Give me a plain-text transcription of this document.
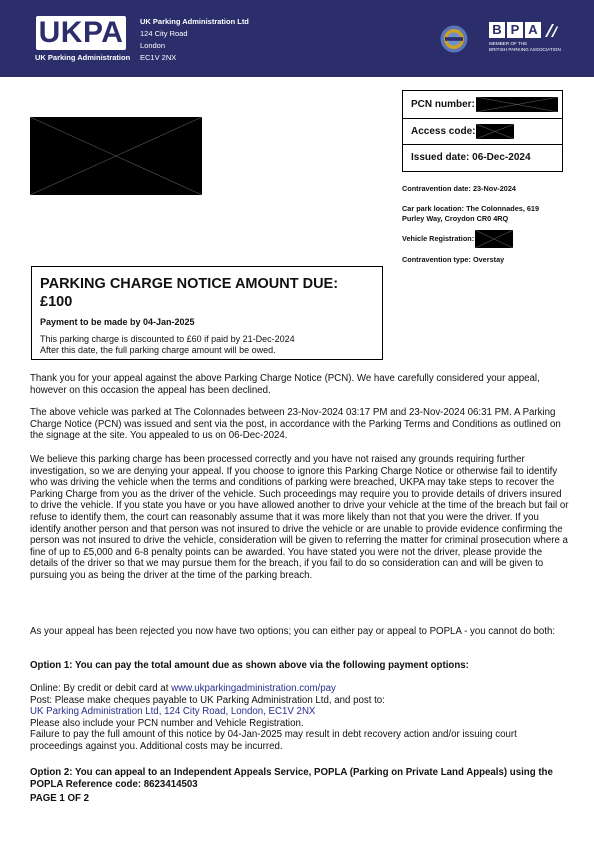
UKPA
UK Parking Administration
UK Parking Administration Ltd
124 City Road
London
EC1V 2NX
B P A
MEMBER OF THE
BRITISH PARKING ASSOCIATION
PCN number:
Access code:
Issued date: 06-Dec-2024
Contravention date: 23-Nov-2024
Car park location: The Colonnades, 619
Purley Way, Croydon CR0 4RQ
Vehicle Registration:
Contravention type: Overstay
PARKING CHARGE NOTICE AMOUNT DUE:
£100
Payment to be made by 04-Jan-2025
This parking charge is discounted to £60 if paid by 21-Dec-2024
After this date, the full parking charge amount will be owed.
Thank you for your appeal against the above Parking Charge Notice (PCN). We have carefully considered your appeal, however on this occasion the appeal has been declined.
The above vehicle was parked at The Colonnades between 23-Nov-2024 03:17 PM and 23-Nov-2024 06:31 PM. A Parking Charge Notice (PCN) was issued and sent via the post, in accordance with the Parking Terms and Conditions as outlined on the signage at the site. You appealed to us on 06-Dec-2024.
We believe this parking charge has been processed correctly and you have not raised any grounds requiring further investigation, so we are denying your appeal. If you choose to ignore this Parking Charge Notice or otherwise fail to identify who was driving the vehicle when the terms and conditions of parking were breached, UKPA may take steps to recover the Parking Charge from you as the driver of the vehicle. Such proceedings may require you to provide details of drivers insured to drive the vehicle. If you state you have or you have allowed another to drive your vehicle at the time of the breach but fail or refuse to identify them, the court can reasonably assume that it was more likely than not that you were the driver. If you identify another person and that person was not insured to drive the vehicle or are unable to provide evidence confirming the person was not insured to drive the vehicle, consideration will be given to referring the matter for criminal prosecution where a fine of up to £5,000 and 6-8 penalty points can be awarded. You have stated you were not the driver, please provide the details of the driver so that we may pursue them for the breach, if you fail to do so consideration can and will be given to pursuing you as being the driver at the time of the parking breach.
As your appeal has been rejected you now have two options; you can either pay or appeal to POPLA - you cannot do both:
Option 1: You can pay the total amount due as shown above via the following payment options:
Online: By credit or debit card at www.ukparkingadministration.com/pay
Post: Please make cheques payable to UK Parking Administration Ltd, and post to:
UK Parking Administration Ltd, 124 City Road, London, EC1V 2NX
Please also include your PCN number and Vehicle Registration.
Failure to pay the full amount of this notice by 04-Jan-2025 may result in debt recovery action and/or issuing court proceedings against you. Additional costs may be incurred.
Option 2: You can appeal to an Independent Appeals Service, POPLA (Parking on Private Land Appeals) using the POPLA Reference code: 8623414503
PAGE 1 OF 2
